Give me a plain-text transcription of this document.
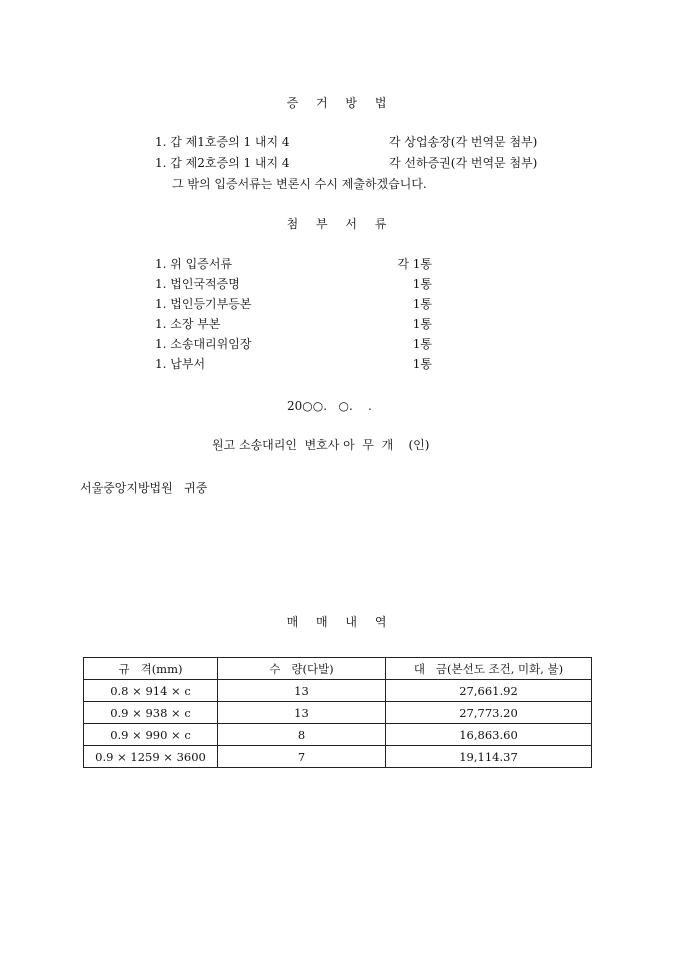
증 거 방 법
1. 갑 제1호증의 1 내지 4	각 상업송장(각 번역문 첨부)
1. 갑 제2호증의 1 내지 4	각 선하증권(각 번역문 첨부)
그 밖의 입증서류는 변론시 수시 제출하겠습니다.
첨 부 서 류
1. 위 입증서류	각 1통
1. 법인국적증명	1통
1. 법인등기부등본	1통
1. 소장 부본	1통
1. 소송대리위임장	1통
1. 납부서	1통
20○○.   ○.    .
원고 소송대리인  변호사 아  무  개    (인)
서울중앙지방법원   귀중
매 매 내 역
규   격(mm)	수   량(다발)	대   금(본선도 조건, 미화, 불)
0.8 × 914 × c	13	27,661.92
0.9 × 938 × c	13	27,773.20
0.9 × 990 × c	8	16,863.60
0.9 × 1259 × 3600	7	19,114.37
